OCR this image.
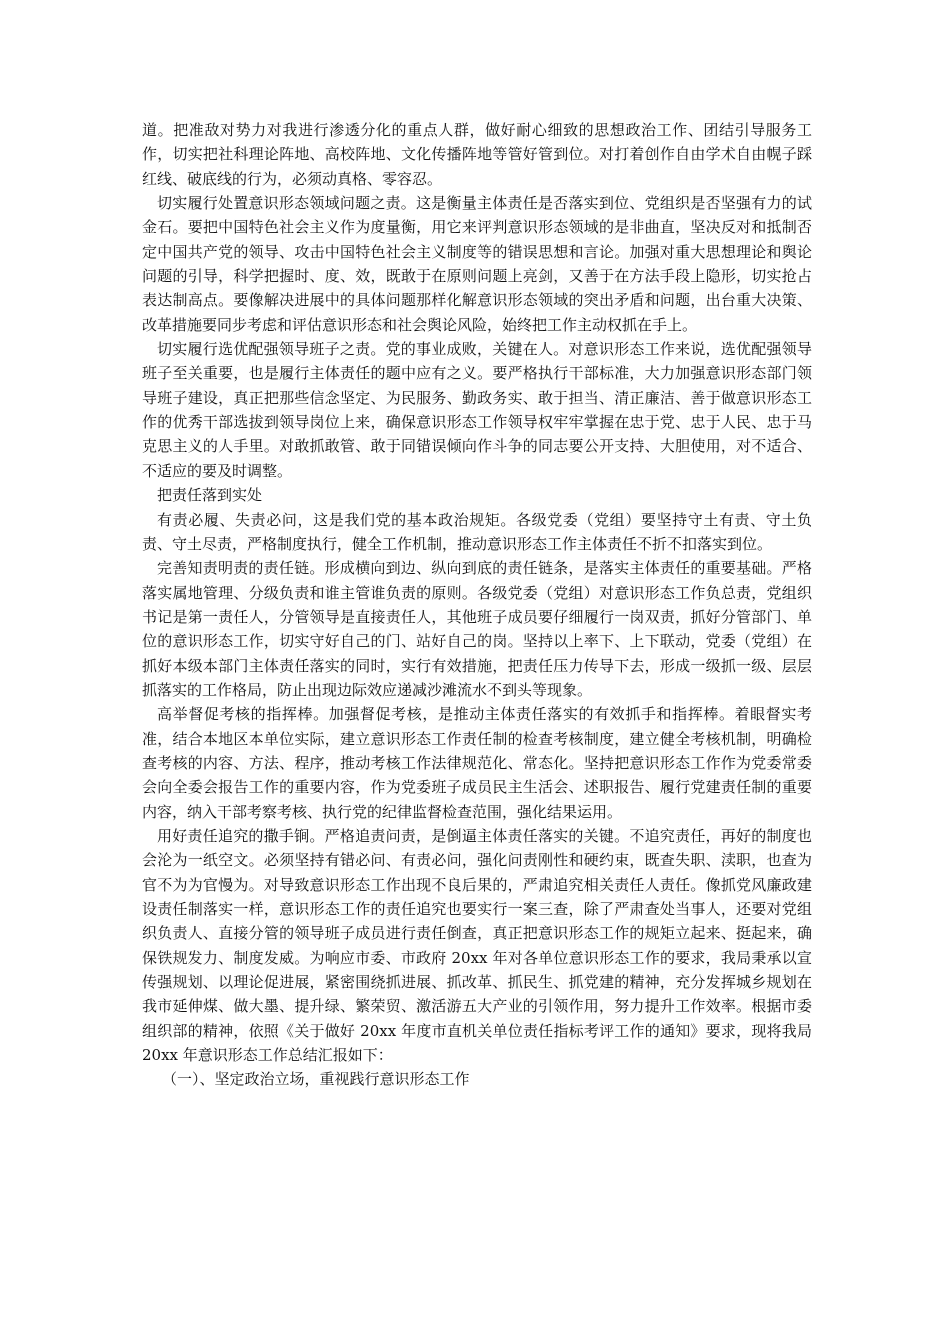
道。把准敌对势力对我进行渗透分化的重点人群，做好耐心细致的思想政治工作、团结引导服务工作，切实把社科理论阵地、高校阵地、文化传播阵地等管好管到位。对打着创作自由学术自由幌子踩红线、破底线的行为，必须动真格、零容忍。

切实履行处置意识形态领域问题之责。这是衡量主体责任是否落实到位、党组织是否坚强有力的试金石。要把中国特色社会主义作为度量衡，用它来评判意识形态领域的是非曲直，坚决反对和抵制否定中国共产党的领导、攻击中国特色社会主义制度等的错误思想和言论。加强对重大思想理论和舆论问题的引导，科学把握时、度、效，既敢于在原则问题上亮剑，又善于在方法手段上隐形，切实抢占表达制高点。要像解决进展中的具体问题那样化解意识形态领域的突出矛盾和问题，出台重大决策、改革措施要同步考虑和评估意识形态和社会舆论风险，始终把工作主动权抓在手上。

切实履行选优配强领导班子之责。党的事业成败，关键在人。对意识形态工作来说，选优配强领导班子至关重要，也是履行主体责任的题中应有之义。要严格执行干部标准，大力加强意识形态部门领导班子建设，真正把那些信念坚定、为民服务、勤政务实、敢于担当、清正廉洁、善于做意识形态工作的优秀干部选拔到领导岗位上来，确保意识形态工作领导权牢牢掌握在忠于党、忠于人民、忠于马克思主义的人手里。对敢抓敢管、敢于同错误倾向作斗争的同志要公开支持、大胆使用，对不适合、不适应的要及时调整。

把责任落到实处

有责必履、失责必问，这是我们党的基本政治规矩。各级党委（党组）要坚持守土有责、守土负责、守土尽责，严格制度执行，健全工作机制，推动意识形态工作主体责任不折不扣落实到位。

完善知责明责的责任链。形成横向到边、纵向到底的责任链条，是落实主体责任的重要基础。严格落实属地管理、分级负责和谁主管谁负责的原则。各级党委（党组）对意识形态工作负总责，党组织书记是第一责任人，分管领导是直接责任人，其他班子成员要仔细履行一岗双责，抓好分管部门、单位的意识形态工作，切实守好自己的门、站好自己的岗。坚持以上率下、上下联动，党委（党组）在抓好本级本部门主体责任落实的同时，实行有效措施，把责任压力传导下去，形成一级抓一级、层层抓落实的工作格局，防止出现边际效应递减沙滩流水不到头等现象。

高举督促考核的指挥棒。加强督促考核，是推动主体责任落实的有效抓手和指挥棒。着眼督实考准，结合本地区本单位实际，建立意识形态工作责任制的检查考核制度，建立健全考核机制，明确检查考核的内容、方法、程序，推动考核工作法律规范化、常态化。坚持把意识形态工作作为党委常委会向全委会报告工作的重要内容，作为党委班子成员民主生活会、述职报告、履行党建责任制的重要内容，纳入干部考察考核、执行党的纪律监督检查范围，强化结果运用。

用好责任追究的撒手锏。严格追责问责，是倒逼主体责任落实的关键。不追究责任，再好的制度也会沦为一纸空文。必须坚持有错必问、有责必问，强化问责刚性和硬约束，既查失职、渎职，也查为官不为为官慢为。对导致意识形态工作出现不良后果的，严肃追究相关责任人责任。像抓党风廉政建设责任制落实一样，意识形态工作的责任追究也要实行一案三查，除了严肃查处当事人，还要对党组织负责人、直接分管的领导班子成员进行责任倒查，真正把意识形态工作的规矩立起来、挺起来，确保铁规发力、制度发威。为响应市委、市政府 20xx 年对各单位意识形态工作的要求，我局秉承以宣传强规划、以理论促进展，紧密围绕抓进展、抓改革、抓民生、抓党建的精神，充分发挥城乡规划在我市延伸煤、做大墨、提升绿、繁荣贸、激活游五大产业的引领作用，努力提升工作效率。根据市委组织部的精神，依照《关于做好 20xx 年度市直机关单位责任指标考评工作的通知》要求，现将我局 20xx 年意识形态工作总结汇报如下：

（一）、坚定政治立场，重视践行意识形态工作
